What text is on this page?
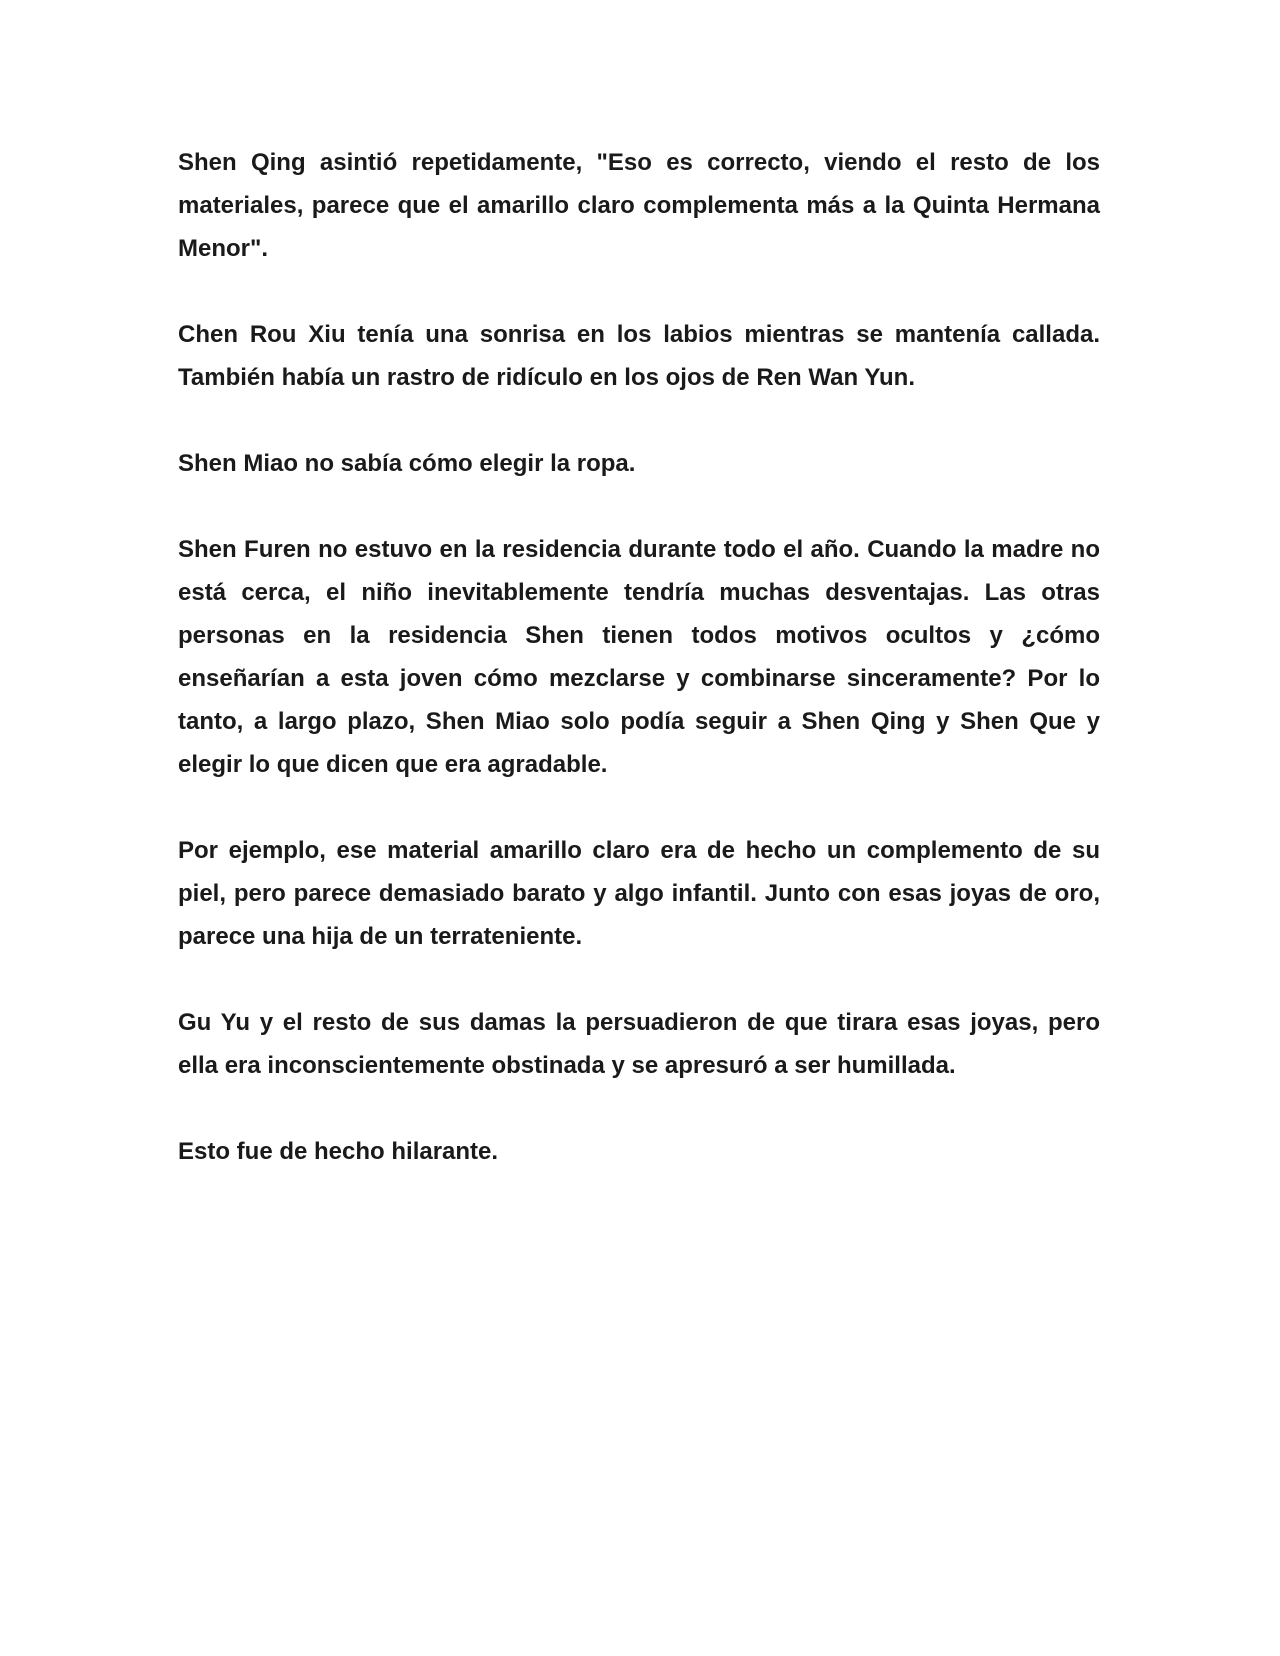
Shen Qing asintió repetidamente, "Eso es correcto, viendo el resto de los materiales, parece que el amarillo claro complementa más a la Quinta Hermana Menor".

Chen Rou Xiu tenía una sonrisa en los labios mientras se mantenía callada. También había un rastro de ridículo en los ojos de Ren Wan Yun.

Shen Miao no sabía cómo elegir la ropa.

Shen Furen no estuvo en la residencia durante todo el año. Cuando la madre no está cerca, el niño inevitablemente tendría muchas desventajas. Las otras personas en la residencia Shen tienen todos motivos ocultos y ¿cómo enseñarían a esta joven cómo mezclarse y combinarse sinceramente? Por lo tanto, a largo plazo, Shen Miao solo podía seguir a Shen Qing y Shen Que y elegir lo que dicen que era agradable.

Por ejemplo, ese material amarillo claro era de hecho un complemento de su piel, pero parece demasiado barato y algo infantil. Junto con esas joyas de oro, parece una hija de un terrateniente.

Gu Yu y el resto de sus damas la persuadieron de que tirara esas joyas, pero ella era inconscientemente obstinada y se apresuró a ser humillada.

Esto fue de hecho hilarante.
